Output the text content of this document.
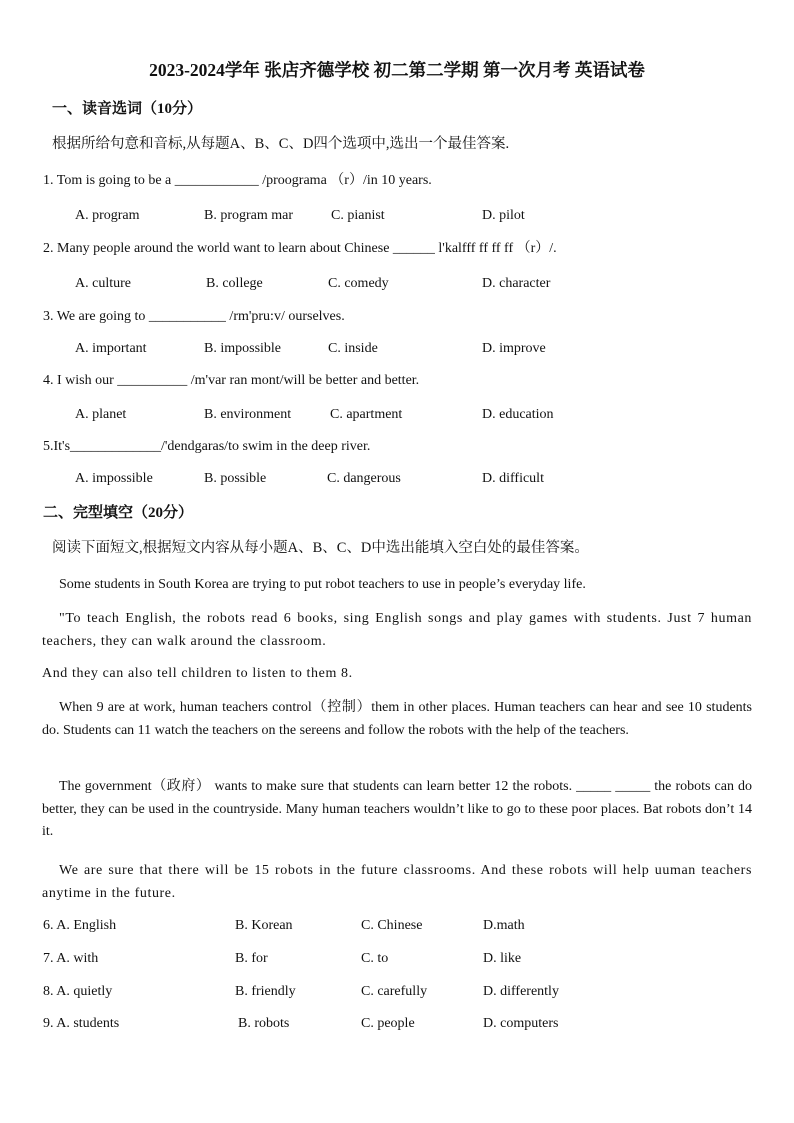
2023-2024学年 张店齐德学校 初二第二学期 第一次月考 英语试卷
一、读音选词（10分）
根据所给句意和音标,从每题A、B、C、D四个选项中,选出一个最佳答案.
1. Tom is going to be a ____________ /proograma （r）/in 10 years.
A. program	B. program mar	C. pianist	D. pilot
2. Many people around the world want to learn about Chinese ______ l'kalfff ff ff ff （r）/.
A. culture	B. college	C. comedy	D. character
3. We are going to ___________ /rm'pru:v/ ourselves.
A. important	B. impossible	C. inside	D. improve
4. I wish our __________ /m'var ran mont/will be better and better.
A. planet	B. environment	C. apartment	D. education
5.It's_____________/'dendgaras/to swim in the deep river.
A. impossible	B. possible	C. dangerous	D. difficult
二、完型填空（20分）
阅读下面短文,根据短文内容从每小题A、B、C、D中选出能填入空白处的最佳答案。
Some students in South Korea are trying to put robot teachers to use in people’s everyday life.
"To teach English, the robots read 6 books, sing English songs and play games with students. Just 7 human teachers, they can walk around the classroom.
And they can also tell children to listen to them 8.
When 9 are at work, human teachers control（控制）them in other places. Human teachers can hear and see 10 students do. Students can 11 watch the teachers on the sereens and follow the robots with the help of the teachers.
The government（政府） wants to make sure that students can learn better 12 the robots. _____ _____ the robots can do better, they can be used in the countryside. Many human teachers wouldn’t like to go to these poor places. Bat robots don’t 14 it.
We are sure that there will be 15 robots in the future classrooms. And these robots will help uuman teachers anytime in the future.
6. A. English	B. Korean	C. Chinese	D.math
7. A. with	B. for	C. to	D. like
8. A. quietly	B. friendly	C. carefully	D. differently
9. A. students	B. robots	C. people	D. computers
